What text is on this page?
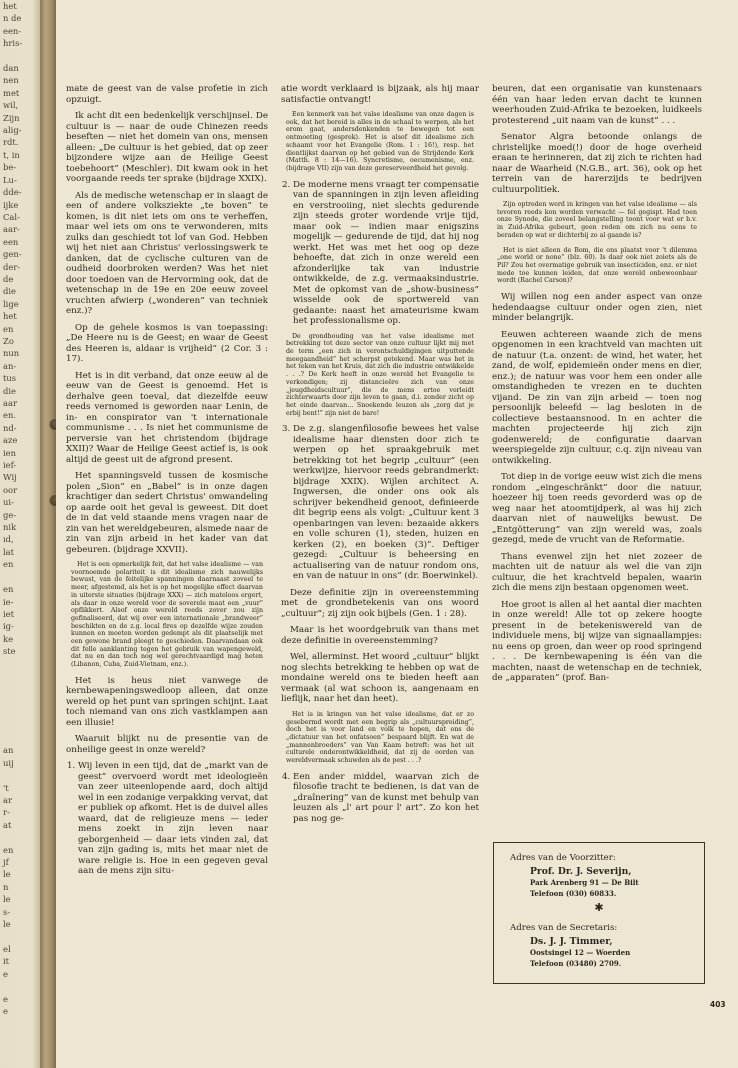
het
n de
een-
hris-

dan
nen
met
wil,
Zijn
alig-
rdt.
t, in
be-
Lu-
dde-
ijke
Cal-
aar-
een
gen-
der-
de
die
lige
het
en
Zo
nun
an-
tus
die
aar
en.
nd-
aze
ien
ief-
Wij
oor
ui-
ge-
nik
ıd,
lat
en

en
ie-
iet
ig-
ke
ste

an
uij

't
ar
r-
at

en
jf
le
n
le
s-
le

el
it
e

e
e

mate de geest van de valse profetie in zich opzuigt.

Ik acht dit een bedenkelijk verschijnsel. De cultuur is — naar de oude Chinezen reeds beseften — niet het domein van ons, mensen alleen: „De cultuur is het gebied, dat op zeer bijzondere wijze aan de Heilige Geest toebehoort” (Meschler). Dit kwam ook in het voorgaande reeds ter sprake (bijdrage XXIX).

Als de medische wetenschap er in slaagt de een of andere volksziekte „te boven” te komen, is dit niet iets om ons te verheffen, maar wel iets om ons te verwonderen, mits zulks dan geschiedt tot lof van God. Hebben wij het niet aan Christus' verlossingswerk te danken, dat de cyclische culturen van de oudheid doorbroken werden? Was het niet door toedoen van de Hervorming ook, dat de wetenschap in de 19e en 20e eeuw zoveel vruchten afwierp („wonderen” van techniek enz.)?

Op de gehele kosmos is van toepassing: „De Heere nu is de Geest; en waar de Geest des Heeren is, aldaar is vrijheid” (2 Cor. 3 : 17).

Het is in dit verband, dat onze eeuw al de eeuw van de Geest is genoemd. Het is derhalve geen toeval, dat diezelfde eeuw reeds vernomed is geworden naar Lenin, de in- en conspirator van 't internationale communisme . . . Is niet het communisme de perversie van het christendom (bijdrage XXII)? Waar de Heilige Geest actief is, is ook altijd de geest uit de afgrond present.

Het spanningsveld tussen de kosmische polen „Sion” en „Babel” is in onze dagen krachtiger dan sedert Christus' omwandeling op aarde ooit het geval is geweest. Dit doet de in dat veld staande mens vragen naar de zin van het wereldgebeuren, alsmede naar de zin van zijn arbeid in het kader van dat gebeuren. (bijdrage XXVII).

Het is een opmerkelijk feit, dat het valse idealisme — van voornoemde polariteit is dit idealisme zich nauwelijks bewust, van de feitelijke spanningen daarnaast zoveel te meer, afgestemd, als het is op het mogelijke effect daarvan in uiterste situaties (bijdrage XXX) — zich mateloos ergert, als daar in onze wereld voor de soverele maat een „vuur” opflikkert. Alsof onze wereld reeds zover zou zijn gefinaliseerd, dat wij over een internationale „brandweer” beschikten en de z.g. local fires op dezelfde wijze zouden kunnen en moeten worden gedempt als dit plaatselijk met een gewone brand pleegt te geschieden. Daarvandaan ook dit felle aanklanting tegen het gebruik van wapengeweld, dat nu en dan toch nog wel gerechtvaardigd mag heten (Libanon, Cuba, Zuid-Vietnam, enz.).

Het is heus niet vanwege de kernbewapeningswedloop alleen, dat onze wereld op het punt van springen schijnt. Laat toch niemand van ons zich vastklampen aan een illusie!

Waaruit blijkt nu de presentie van de onheilige geest in onze wereld?

1. Wij leven in een tijd, dat de „markt van de geest” overvoerd wordt met ideologieën van zeer uiteenlopende aard, doch altijd wel in een zodanige verpakking vervat, dat er publiek op afkomt. Het is de duivel alles waard, dat de religieuze mens — ieder mens zoekt in zijn leven naar geborgenheid — daar iets vinden zal, dat van zijn gading is, mits het maar niet de ware religie is. Hoe in een gegeven geval aan de mens zijn situ-

atie wordt verklaard is bijzaak, als hij maar satisfactie ontvangt!

Een kenmerk van het valse idealisme van onze dagen is ook, dat het bereid is alles in de schaal te werpen, als het erom gaat, andersdenkenden te bewegen tot een ontmoeting (gesprek). Het is alsof dit idealisme zich schaamt voor het Evangelie (Rom. 1 : 16!), resp. het dientlijkst daarvan op het gebied van de Strijdende Kerk (Matth. 8 : 14—16). Syncretisme, oecumenisme, enz. (bijdrage VII) zijn van deze gereserveerdheid het gevolg.

2. De moderne mens vraagt ter compensatie van de spanningen in zijn leven afleiding en verstrooiing, niet slechts gedurende zijn steeds groter wordende vrije tijd, maar ook — indien maar enigszins mogelijk — gedurende de tijd, dat hij nog werkt. Het was met het oog op deze behoefte, dat zich in onze wereld een afzonderlijke tak van industrie ontwikkelde, de z.g. vermaaksindustrie. Met de opkomst van de „show-business” wisselde ook de sportwereld van gedaante: naast het amateurisme kwam het professionalisme op.

De grondhouding van het valse idealisme met betrekking tot deze sector van onze cultuur lijkt mij met de term „een zich in verontschuldigingen uitputtende meegaandheid” het scherpst getekend. Maar was het in het teken van het Kruis, dat zich die industrie ontwikkelde . . .? De Kerk heeft in onze wereld het Evangelie te verkondigen; zij distancieëre zich van onze „jeugdheidscultuur”, die de mens ertoe verleidt zichterwaarts door zijn leven te gaan, d.i. zonder zicht op het einde daarvan... Snoekende leuzen als „zorg dat je erbij bent!” zijn niet de bare!

3. De z.g. slangenfilosofie bewees het valse idealisme haar diensten door zich te werpen op het spraakgebruik met betrekking tot het begrip „cultuur” (een werkwijze, hiervoor reeds gebrandmerkt: bijdrage XXIX). Wijlen architect A. Ingwersen, die onder ons ook als schrijver bekendheid genoot, definieerde dit begrip eens als volgt: „Cultuur kent 3 openbaringen van leven: bezaaide akkers en volle schuren (1), steden, huizen en kerken (2), en boeken (3)”. Deftiger gezegd: „Cultuur is beheersing en actualisering van de natuur rondom ons, en van de natuur in ons” (dr. Boerwinkel).

Deze definitie zijn in overeenstemming met de grondbetekenis van ons woord „cultuur”; zij zijn ook bijbels (Gen. 1 : 28).

Maar is het woordgebruik van thans met deze definitie in overeenstemming?

Wel, allerminst. Het woord „cultuur” blijkt nog slechts betrekking te hebben op wat de mondaine wereld ons te bieden heeft aan vermaak (al wat schoon is, aangenaam en lieflijk, naar het dan heet).

Het is in kringen van het valse idealisme, dat er zo gesebermd wordt met een begrip als „cultuurspreiding”, doch het is voor land en volk te hopen, dat ons de „dictatuur van het onfatsoen” bespaard blijft. En wat de „mannenbroeders” van Van Kaam betreft: was het uit culturele onderontwikkeldheid, dat zij de oorden van wereldvermaak schuwden als de pest . . .?

4. Een ander middel, waarvan zich de filosofie tracht te bedienen, is dat van de „draînering” van de kunst met behulp van leuzen als „l' art pour l' art”. Zo kon het pas nog ge-

beuren, dat een organisatie van kunstenaars één van haar leden ervan dacht te kunnen weerhouden Zuid-Afrika te bezoeken, luidkeels protesterend „uit naam van de kunst” . . .

Senator Algra betoonde onlangs de christelijke moed(!) door de hoge overheid eraan te herinneren, dat zij zich te richten had naar de Waarheid (N.G.B., art. 36), ook op het terrein van de harerzijds te bedrijven cultuurpolitiek.

Zijn optreden werd in kringen van het valse idealisme — als tevoren reeds kon worden verwacht — fel gegispt. Had toen onze Synode, die zoveel belangstelling toont voor wat er b.v. in Zuid-Afrika gebeurt, geen reden om zich nu eens te beraden op wat er dichterbij zo al gaande is?

Het is niet alleen de Bom, die ons plaatst voor 't dilemma „one world or none” (blz. 60). Is daar ook niet zoiets als de Pil? Zou het overmatige gebruik van insecticiden, enz. er niet mede toe kunnen leiden, dat onze wereld onbewoonbaar wordt (Rachel Carson)?

Wij willen nog een ander aspect van onze hedendaagse cultuur onder ogen zien, niet minder belangrijk.

Eeuwen achtereen waande zich de mens opgenomen in een krachtveld van machten uit de natuur (t.a. onzent: de wind, het water, het zand, de wolf, epidemieën onder mens en dier, enz.); de natuur was voor hem een onder alle omstandigheden te vrezen en te duchten vijand. De zin van zijn arbeid — toen nog persoonlijk beleefd — lag besloten in de collectieve bestaansnood. In en achter die machten projecteerde hij zich zijn godenwereld; de configuratie daarvan weerspiegelde zijn cultuur, c.q. zijn niveau van ontwikkeling.

Tot diep in de vorige eeuw wist zich die mens rondom „eingeschränkt” door die natuur, hoezeer hij toen reeds gevorderd was op de weg naar het atoomtijdperk, al was hij zich daarvan niet of nauwelijks bewust. De „Entgötterung” van zijn wereld was, zoals gezegd, mede de vrucht van de Reformatie.

Thans evenwel zijn het niet zozeer de machten uit de natuur als wel die van zijn cultuur, die het krachtveld bepalen, waarin zich die mens zijn bestaan opgenomen weet.

Hoe groot is allen al het aantal dier machten in onze wereld! Alle tot op zekere hoogte present in de betekeniswereld van de individuele mens, bij wijze van signaallampjes: nu eens op groen, dan weer op rood springend . . . De kernbewapening is één van die machten, naast de wetenschap en de techniek, de „apparaten” (prof. Ban-

Adres van de Voorzitter:
Prof. Dr. J. Severijn,
Park Arenberg 91 — De Bilt
Telefoon (030) 60833.
✱
Adres van de Secretaris:
Ds. J. J. Timmer,
Oostsingel 12 — Woerden
Telefoon (03480) 2709.
403
